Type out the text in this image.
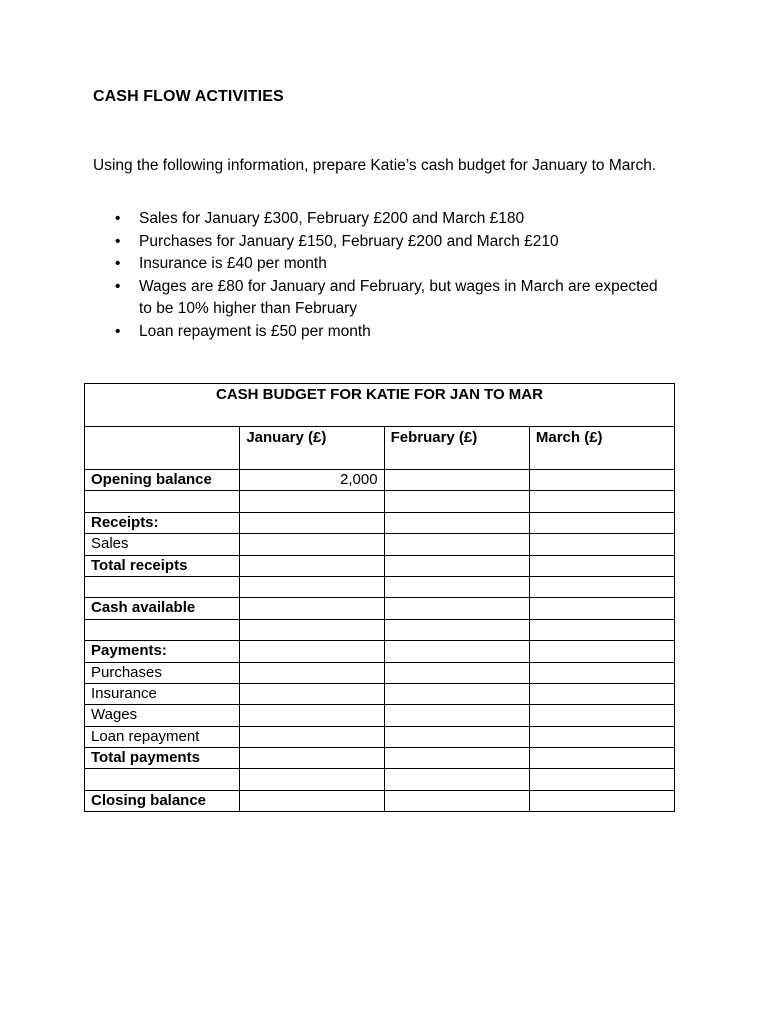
CASH FLOW ACTIVITIES
Using the following information, prepare Katie’s cash budget for January to March.
• Sales for January £300, February £200 and March £180
• Purchases for January £150, February £200 and March £210
• Insurance is £40 per month
• Wages are £80 for January and February, but wages in March are expected to be 10% higher than February
• Loan repayment is £50 per month
CASH BUDGET FOR KATIE FOR JAN TO MAR			
	January (£)	February (£)	March (£)
Opening balance	2,000		

Receipts:			
Sales			
Total receipts			

Cash available			

Payments:			
Purchases			
Insurance			
Wages			
Loan repayment			
Total payments			

Closing balance			
